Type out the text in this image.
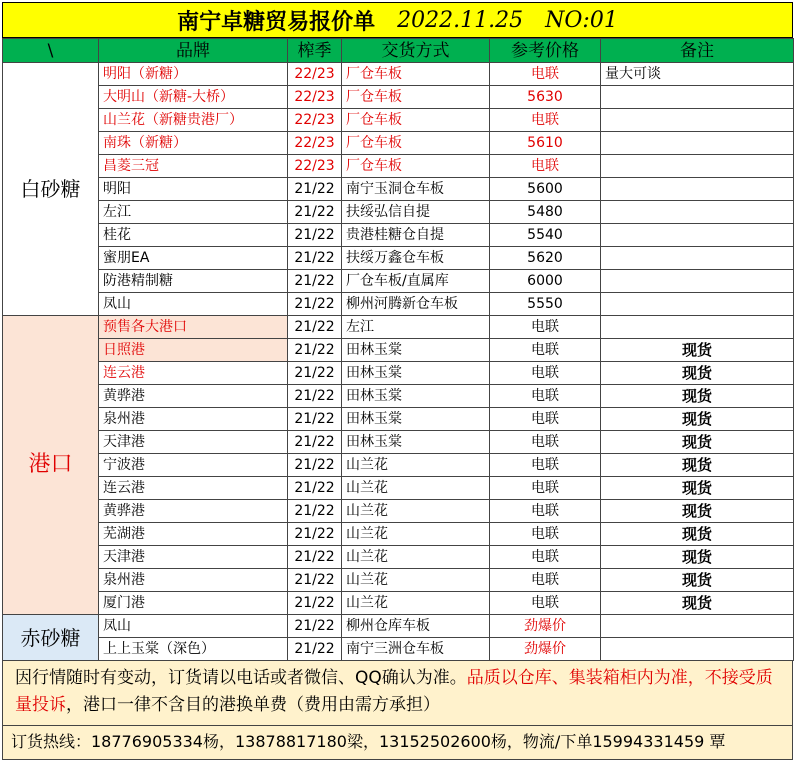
南宁卓糖贸易报价单 2022.11.25 NO:01
\	品牌	榨季	交货方式	参考价格	备注
白砂糖	明阳（新糖）	22/23	厂仓车板	电联	量大可谈
	大明山（新糖-大桥）	22/23	厂仓车板	5630	
	山兰花（新糖贵港厂）	22/23	厂仓车板	电联	
	南珠（新糖）	22/23	厂仓车板	5610	
	昌菱三冠	22/23	厂仓车板	电联	
	明阳	21/22	南宁玉洞仓车板	5600	
	左江	21/22	扶绥弘信自提	5480	
	桂花	21/22	贵港桂糖仓自提	5540	
	蜜朋EA	21/22	扶绥万鑫仓车板	5620	
	防港精制糖	21/22	厂仓车板/直属库	6000	
	凤山	21/22	柳州河腾新仓车板	5550	
港口	预售各大港口	21/22	左江	电联	
	日照港	21/22	田林玉棠	电联	现货
	连云港	21/22	田林玉棠	电联	现货
	黄骅港	21/22	田林玉棠	电联	现货
	泉州港	21/22	田林玉棠	电联	现货
	天津港	21/22	田林玉棠	电联	现货
	宁波港	21/22	山兰花	电联	现货
	连云港	21/22	山兰花	电联	现货
	黄骅港	21/22	山兰花	电联	现货
	芜湖港	21/22	山兰花	电联	现货
	天津港	21/22	山兰花	电联	现货
	泉州港	21/22	山兰花	电联	现货
	厦门港	21/22	山兰花	电联	现货
赤砂糖	凤山	21/22	柳州仓库车板	劲爆价	
	上上玉棠（深色）	21/22	南宁三洲仓车板	劲爆价	
因行情随时有变动，订货请以电话或者微信、QQ确认为准。品质以仓库、集装箱柜内为准，不接受质量投诉，港口一律不含目的港换单费（费用由需方承担）
订货热线：18776905334杨，13878817180梁，13152502600杨，物流/下单15994331459 覃
